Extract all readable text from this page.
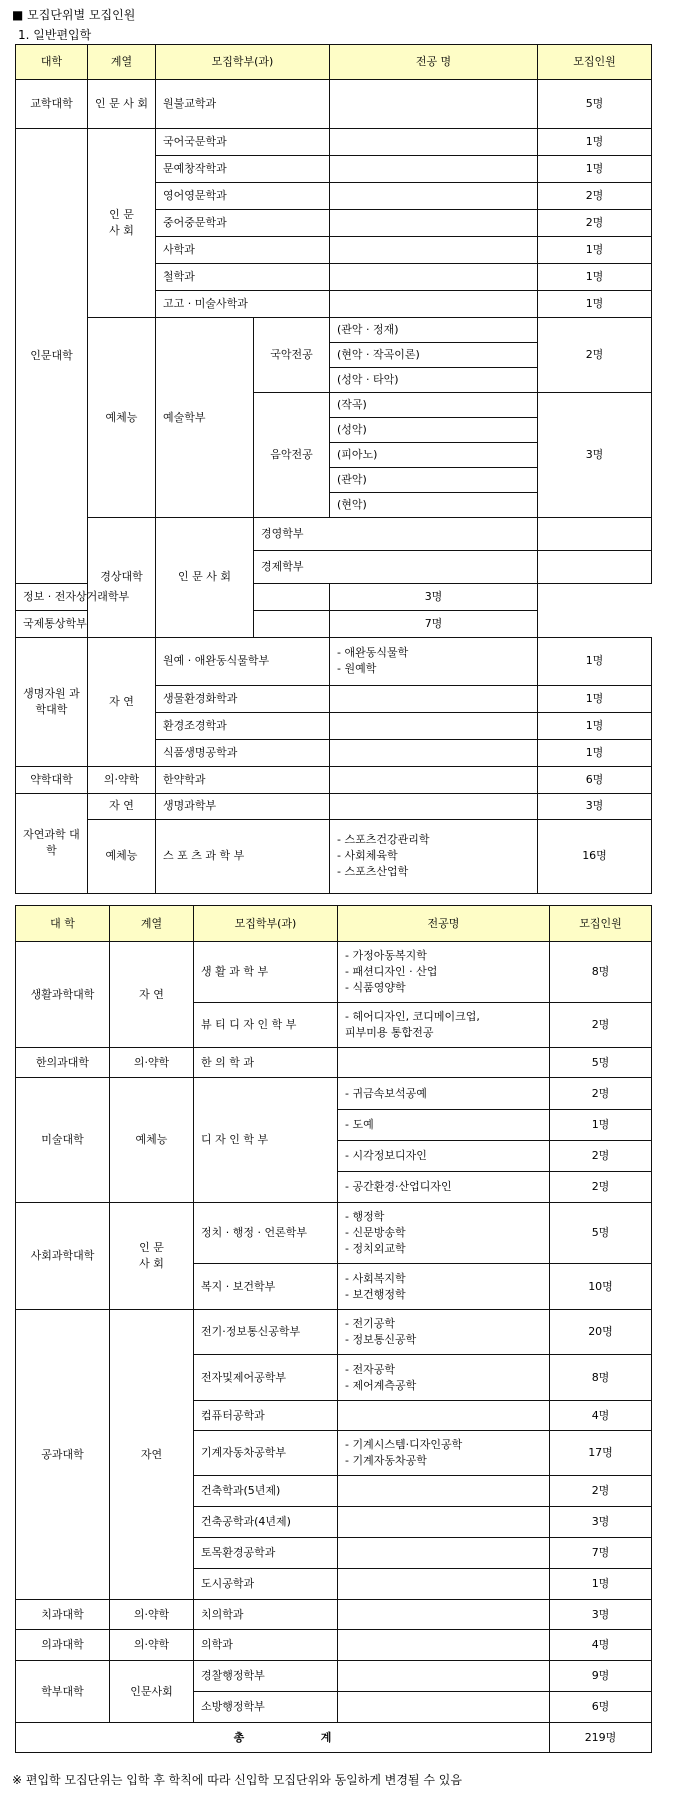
■ 모집단위별 모집인원
1. 일반편입학
대학	계열	모집학부(과)		전공 명	모집인원	
교학대학	인 문 사 회	원불교학과			5명	
인문대학	인 문 사 회	국어국문학과			1명	
		문예창작학과			1명	
		영어영문학과			2명	
		중어중문학과			2명	
		사학과			1명	
		철학과			1명	
		고고 · 미술사학과			1명	
	예체능	예술학부	국악전공	(관악 · 정재)	2명	
				(현악 · 작곡이론)		
				(성악 · 타악)		
			음악전공	(작곡)	3명	
				(성악)		
				(피아노)		
				(관악)		
				(현악)		
	경상대학	인 문 사 회	경영학부		
			경제학부		
정보 · 전자상거래학부				3명		
국제통상학부				7명		
생명자원 과학대학	자 연	원예 · 애완동식물학부		- 애완동식물학
- 원예학	1명	
		생물환경화학과			1명	
		환경조경학과			1명	
		식품생명공학과			1명	
약학대학	의·약학	한약학과			6명	
자연과학 대학	자 연	생명과학부			3명	
	예체능	스 포 츠 과 학 부		- 스포츠건강관리학
- 사회체육학
- 스포츠산업학	16명	
대 학	계열	모집학부(과)	전공명	모집인원
생활과학대학	자 연	생 활 과 학 부	- 가정아동복지학
- 패션디자인 · 산업
- 식품영양학	8명
		뷰 티 디 자 인 학 부	- 헤어디자인, 코디메이크업,
피부미용 통합전공	2명
한의과대학	의·약학	한 의 학 과		5명
미술대학	예체능	디 자 인 학 부	- 귀금속보석공예	2명
			- 도예	1명
			- 시각정보디자인	2명
			- 공간환경·산업디자인	2명
사회과학대학	인 문 사 회	정치 · 행정 · 언론학부	- 행정학
- 신문방송학
- 정치외교학	5명
		복지 · 보건학부	- 사회복지학
- 보건행정학	10명
공과대학	자연	전기·정보통신공학부	- 전기공학
- 정보통신공학	20명
		전자및제어공학부	- 전자공학
- 제어계측공학	8명
		컴퓨터공학과		4명
		기계자동차공학부	- 기계시스템·디자인공학
- 기계자동차공학	17명
		건축학과(5년제)		2명
		건축공학과(4년제)		3명
		토목환경공학과		7명
		도시공학과		1명
치과대학	의·약학	치의학과		3명
의과대학	의·약학	의학과		4명
학부대학	인문사회	경찰행정학부		9명
		소방행정학부		6명
총                    계				219명
※ 편입학 모집단위는 입학 후 학칙에 따라 신입학 모집단위와 동일하게 변경될 수 있음
